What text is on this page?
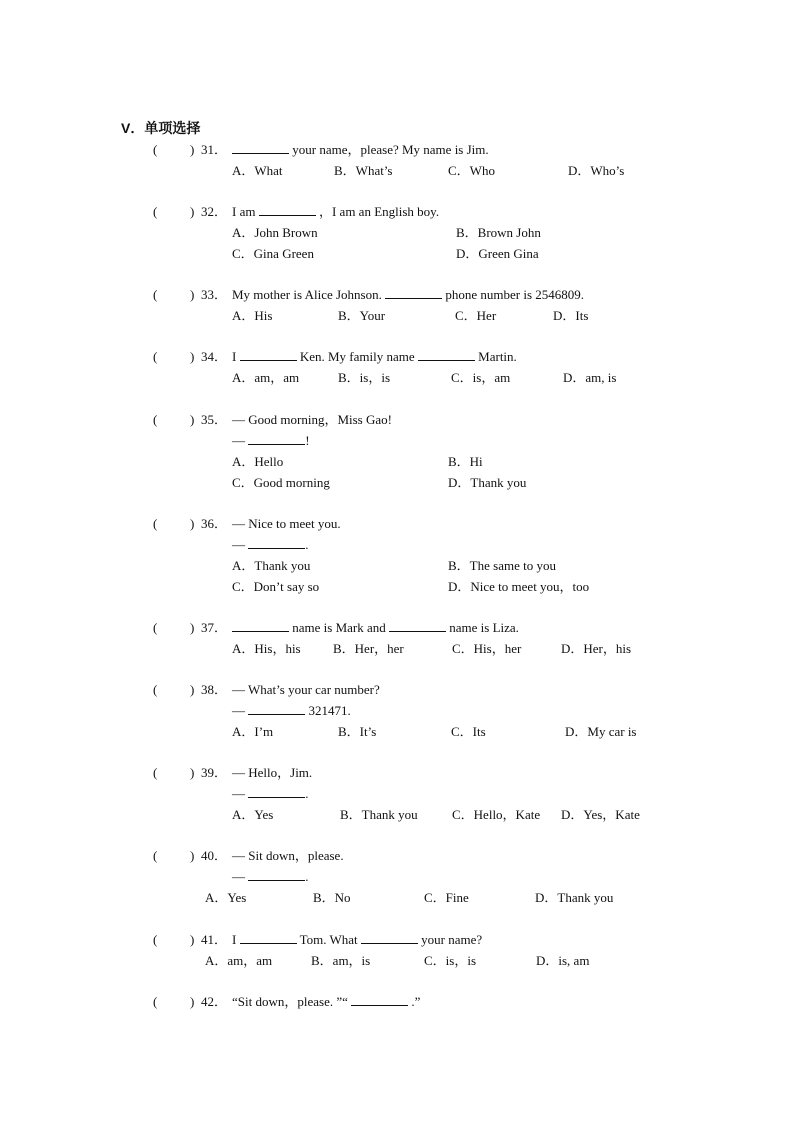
V．单项选择
(	) 31．	your name，please? My name is Jim.
A．What	B．What’s	C．Who	D．Who’s
(	) 32． I am	，I am an English boy.
A．John Brown	B．Brown John
C．Gina Green	D．Green Gina
(	) 33． My mother is Alice Johnson.	phone number is 2546809.
A．His	B．Your	C．Her	D．Its
(	) 34． I	Ken. My family name	Martin.
A．am，am	B．is，is	C．is，am	D．am, is
(	) 35． — Good morning，Miss Gao!
—	!
A．Hello	B．Hi
C．Good morning	D．Thank you
(	) 36． — Nice to meet you.
—	.
A．Thank you	B．The same to you
C．Don’t say so	D．Nice to meet you，too
(	) 37．	name is Mark and	name is Liza.
A．His，his B．Her，her	C．His，her	D．Her，his
(	) 38． — What’s your car number?
—	321471.
A．I’m	B．It’s	C．Its	D．My car is
(	) 39． — Hello，Jim.
—	.
A．Yes	B．Thank you	C．Hello，Kate D．Yes，Kate
(	) 40． — Sit down，please.
—	.
A．Yes	B．No	C．Fine	D．Thank you
(	) 41． I	Tom. What	your name?
A．am，am	B．am，is	C．is，is	D．is, am
(	) 42． “Sit down，please. ”“	.”
